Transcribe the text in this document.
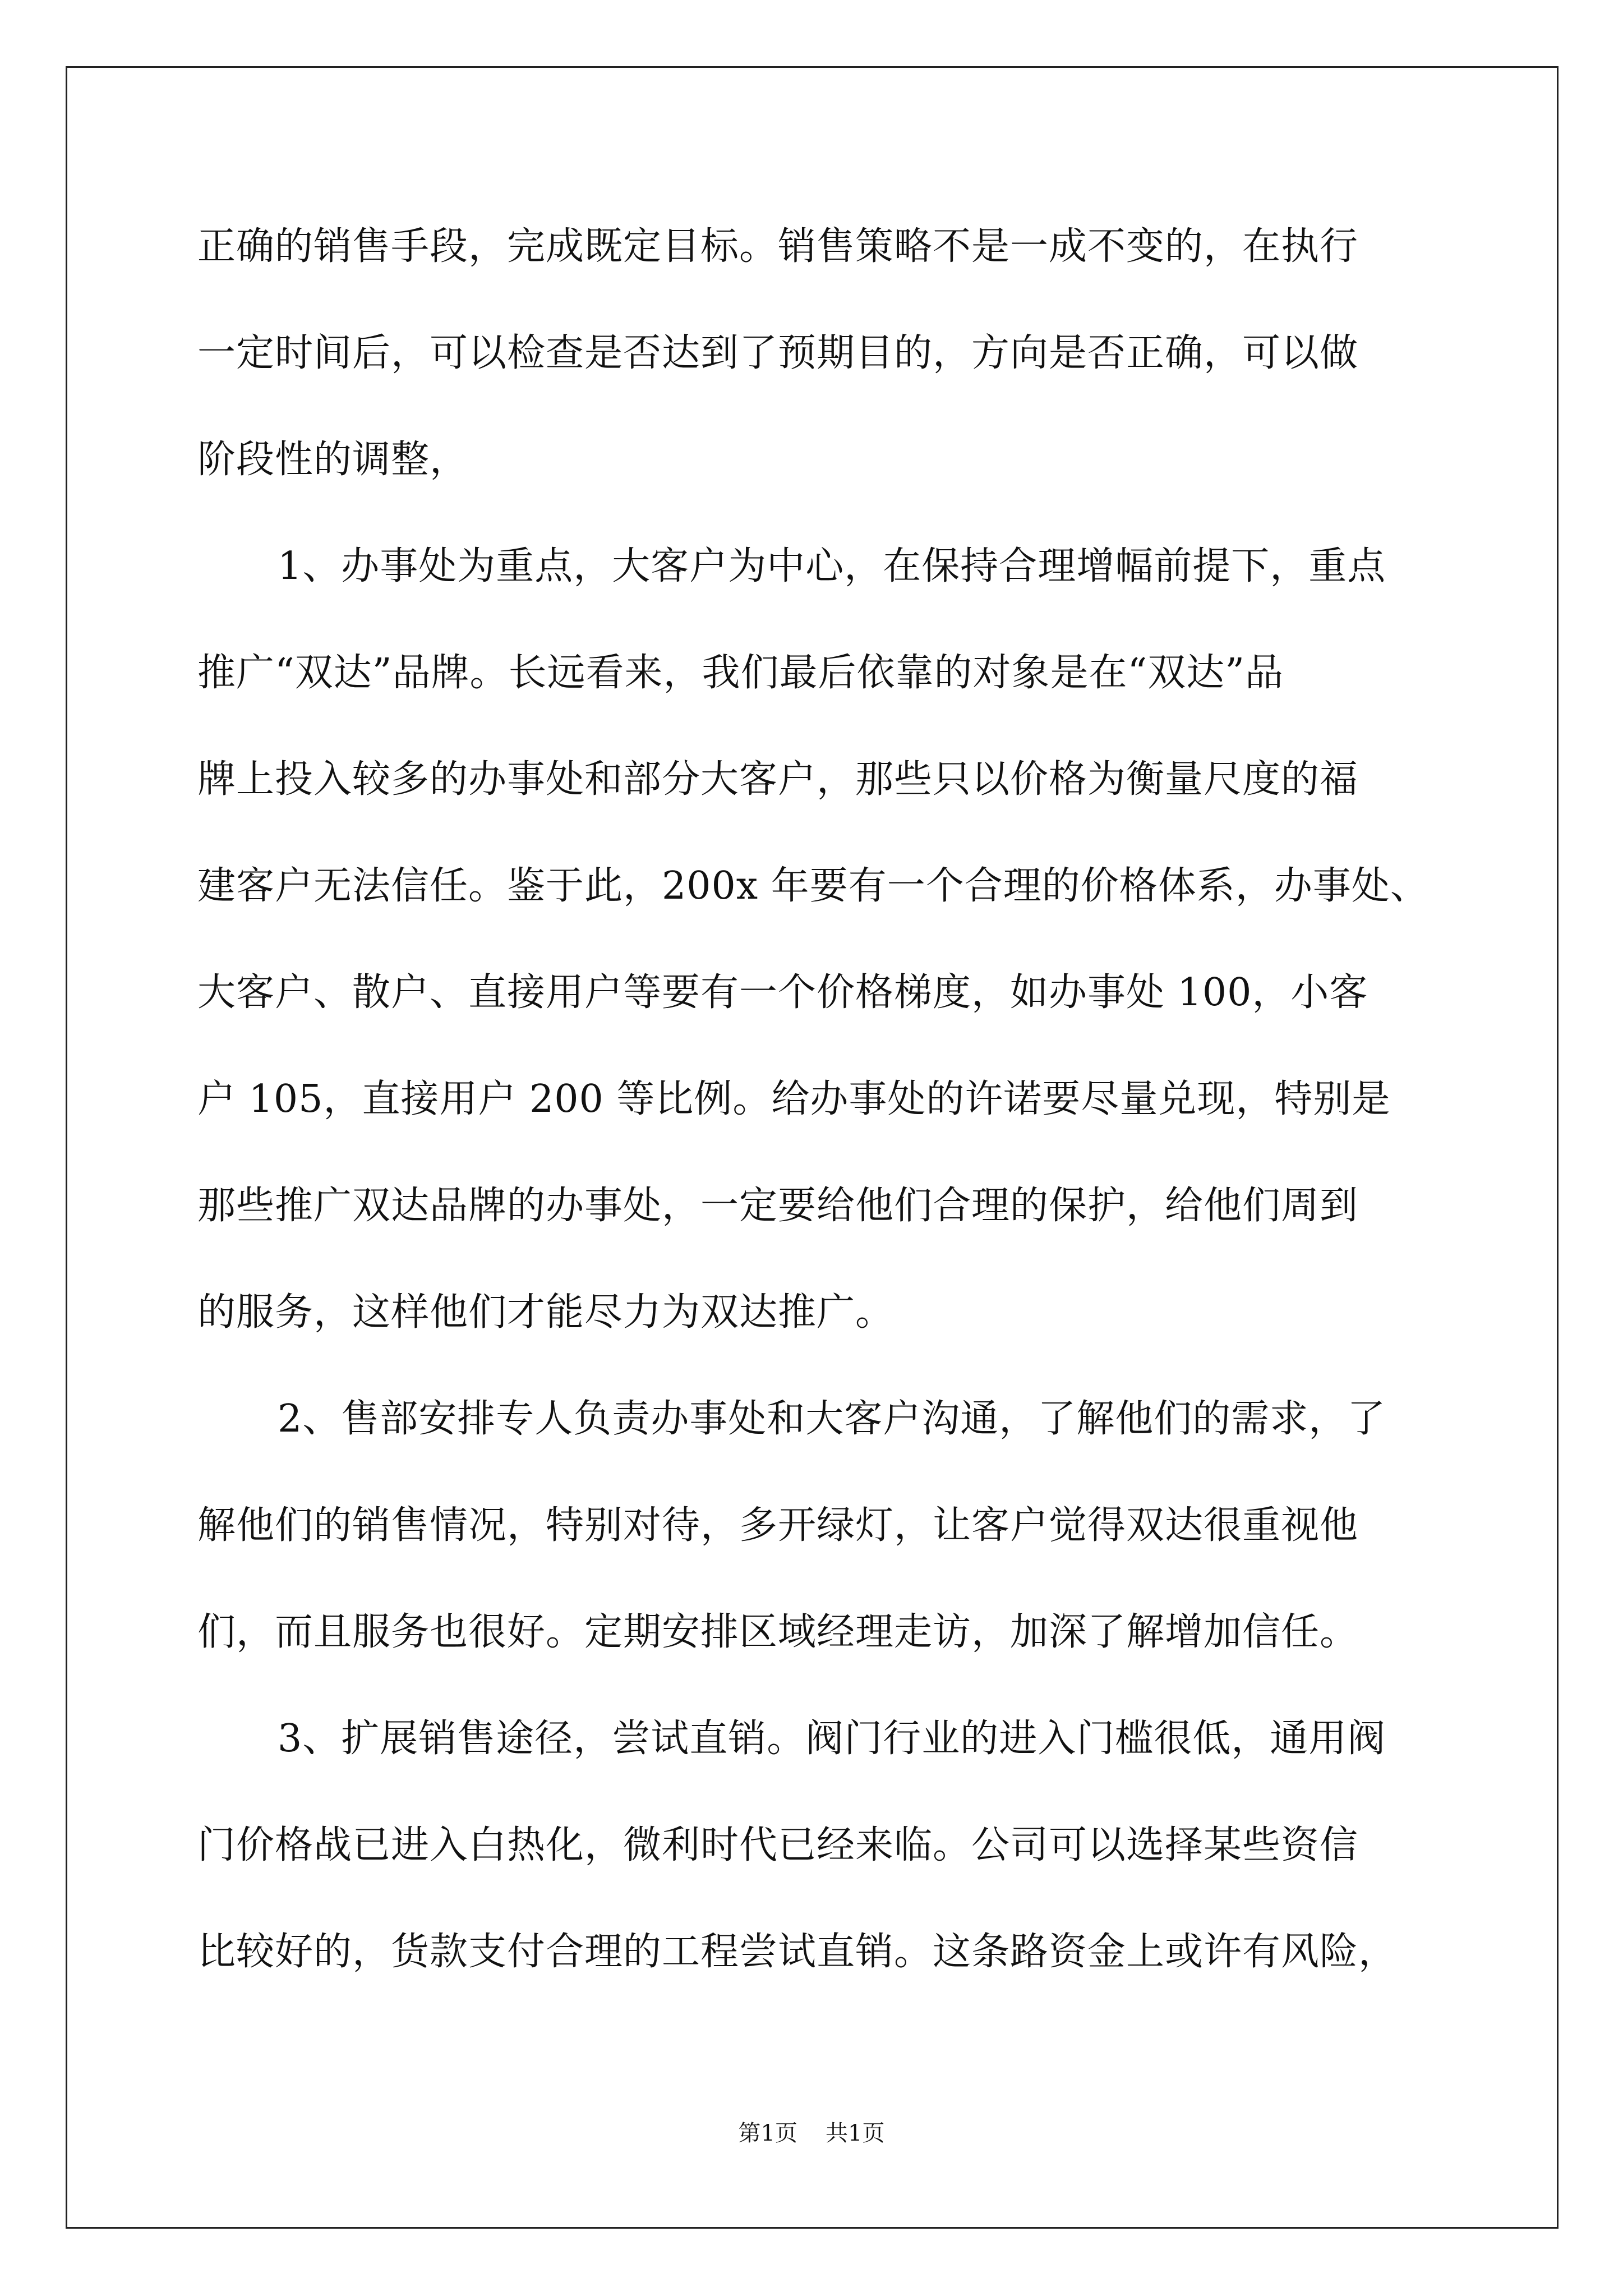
正确的销售手段，完成既定目标。销售策略不是一成不变的，在执行
一定时间后，可以检查是否达到了预期目的，方向是否正确，可以做
阶段性的调整，
1、办事处为重点，大客户为中心，在保持合理增幅前提下，重点
推广“双达”品牌。长远看来，我们最后依靠的对象是在“双达”品
牌上投入较多的办事处和部分大客户，那些只以价格为衡量尺度的福
建客户无法信任。鉴于此，200x 年要有一个合理的价格体系，办事处、
大客户、散户、直接用户等要有一个价格梯度，如办事处 100，小客
户 105，直接用户 200 等比例。给办事处的许诺要尽量兑现，特别是
那些推广双达品牌的办事处，一定要给他们合理的保护，给他们周到
的服务，这样他们才能尽力为双达推广。
2、售部安排专人负责办事处和大客户沟通，了解他们的需求，了
解他们的销售情况，特别对待，多开绿灯，让客户觉得双达很重视他
们，而且服务也很好。定期安排区域经理走访，加深了解增加信任。
3、扩展销售途径，尝试直销。阀门行业的进入门槛很低，通用阀
门价格战已进入白热化，微利时代已经来临。公司可以选择某些资信
比较好的，货款支付合理的工程尝试直销。这条路资金上或许有风险，
第1页 共1页
